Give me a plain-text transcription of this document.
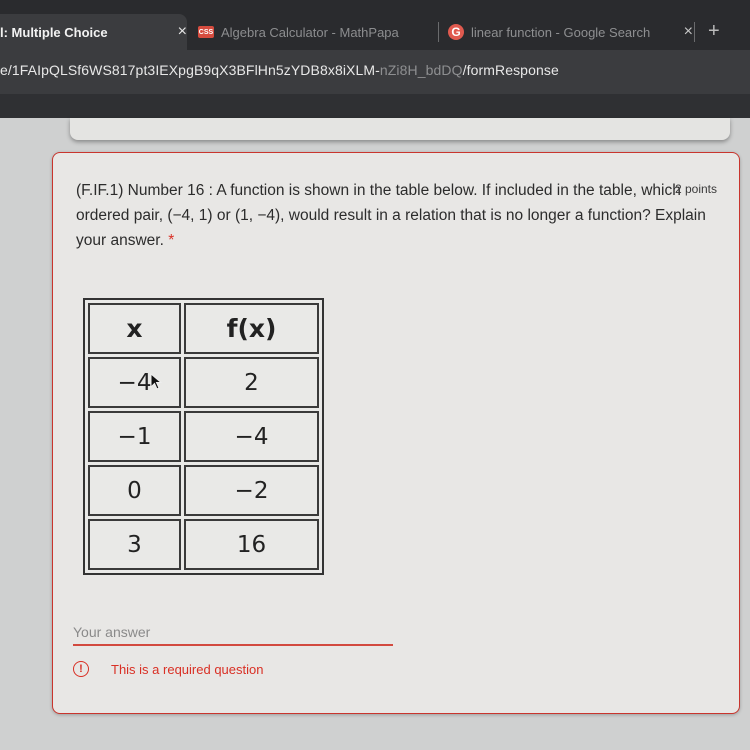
l: Multiple Choice	× CSS Algebra Calculator - MathPapa	G linear function - Google Search	× +
e/1FAIpQLSf6WS817pt3IEXpgB9qX3BFlHn5zYDB8x8iXLM-nZi8H_bdDQ/formResponse
(F.IF.1) Number 16 : A function is shown in the table below. If included in the table, which ordered pair, (−4, 1) or (1, −4), would result in a relation that is no longer a function? Explain your answer. *
2 points
x	f(x)
−4	2
−1	−4
0	−2
3	16
Your answer
!	This is a required question
